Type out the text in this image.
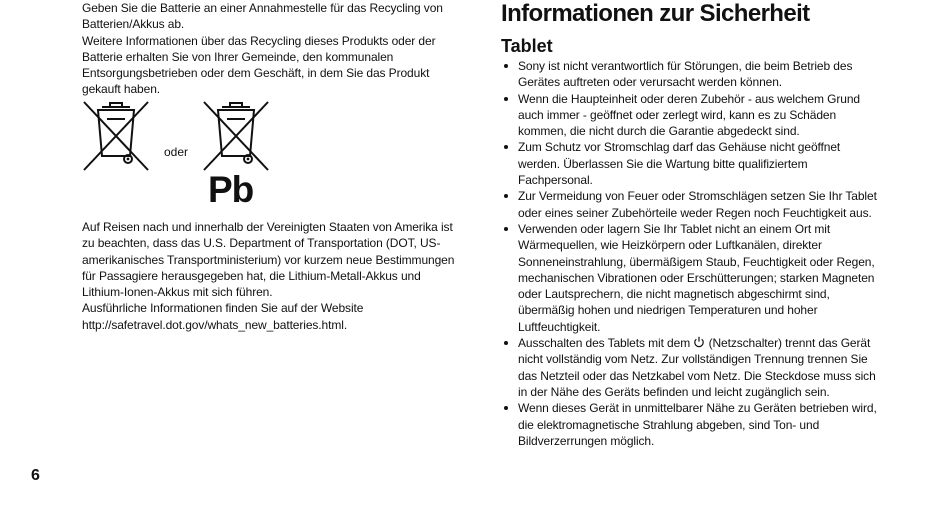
Geben Sie die Batterie an einer Annahmestelle für das Recycling von Batterien/Akkus ab.

Weitere Informationen über das Recycling dieses Produkts oder der Batterie erhalten Sie von Ihrer Gemeinde, den kommunalen Entsorgungsbetrieben oder dem Geschäft, in dem Sie das Produkt gekauft haben.

oder
Pb

Auf Reisen nach und innerhalb der Vereinigten Staaten von Amerika ist zu beachten, dass das U.S. Department of Transportation (DOT, US-amerikanisches Transportministerium) vor kurzem neue Bestimmungen für Passagiere herausgegeben hat, die Lithium-Metall-Akkus und Lithium-Ionen-Akkus mit sich führen.

Ausführliche Informationen finden Sie auf der Website http://safetravel.dot.gov/whats_new_batteries.html.

Informationen zur Sicherheit
Tablet
Sony ist nicht verantwortlich für Störungen, die beim Betrieb des Gerätes auftreten oder verursacht werden können.
Wenn die Haupteinheit oder deren Zubehör - aus welchem Grund auch immer - geöffnet oder zerlegt wird, kann es zu Schäden kommen, die nicht durch die Garantie abgedeckt sind.
Zum Schutz vor Stromschlag darf das Gehäuse nicht geöffnet werden. Überlassen Sie die Wartung bitte qualifiziertem Fachpersonal.
Zur Vermeidung von Feuer oder Stromschlägen setzen Sie Ihr Tablet oder eines seiner Zubehörteile weder Regen noch Feuchtigkeit aus.
Verwenden oder lagern Sie Ihr Tablet nicht an einem Ort mit Wärmequellen, wie Heizkörpern oder Luftkanälen, direkter Sonneneinstrahlung, übermäßigem Staub, Feuchtigkeit oder Regen, mechanischen Vibrationen oder Erschütterungen; starken Magneten oder Lautsprechern, die nicht magnetisch abgeschirmt sind, übermäßig hohen und niedrigen Temperaturen und hoher Luftfeuchtigkeit.
Ausschalten des Tablets mit dem  (Netzschalter) trennt das Gerät nicht vollständig vom Netz. Zur vollständigen Trennung trennen Sie das Netzteil oder das Netzkabel vom Netz. Die Steckdose muss sich in der Nähe des Geräts befinden und leicht zugänglich sein.
Wenn dieses Gerät in unmittelbarer Nähe zu Geräten betrieben wird, die elektromagnetische Strahlung abgeben, sind Ton- und Bildverzerrungen möglich.
6
